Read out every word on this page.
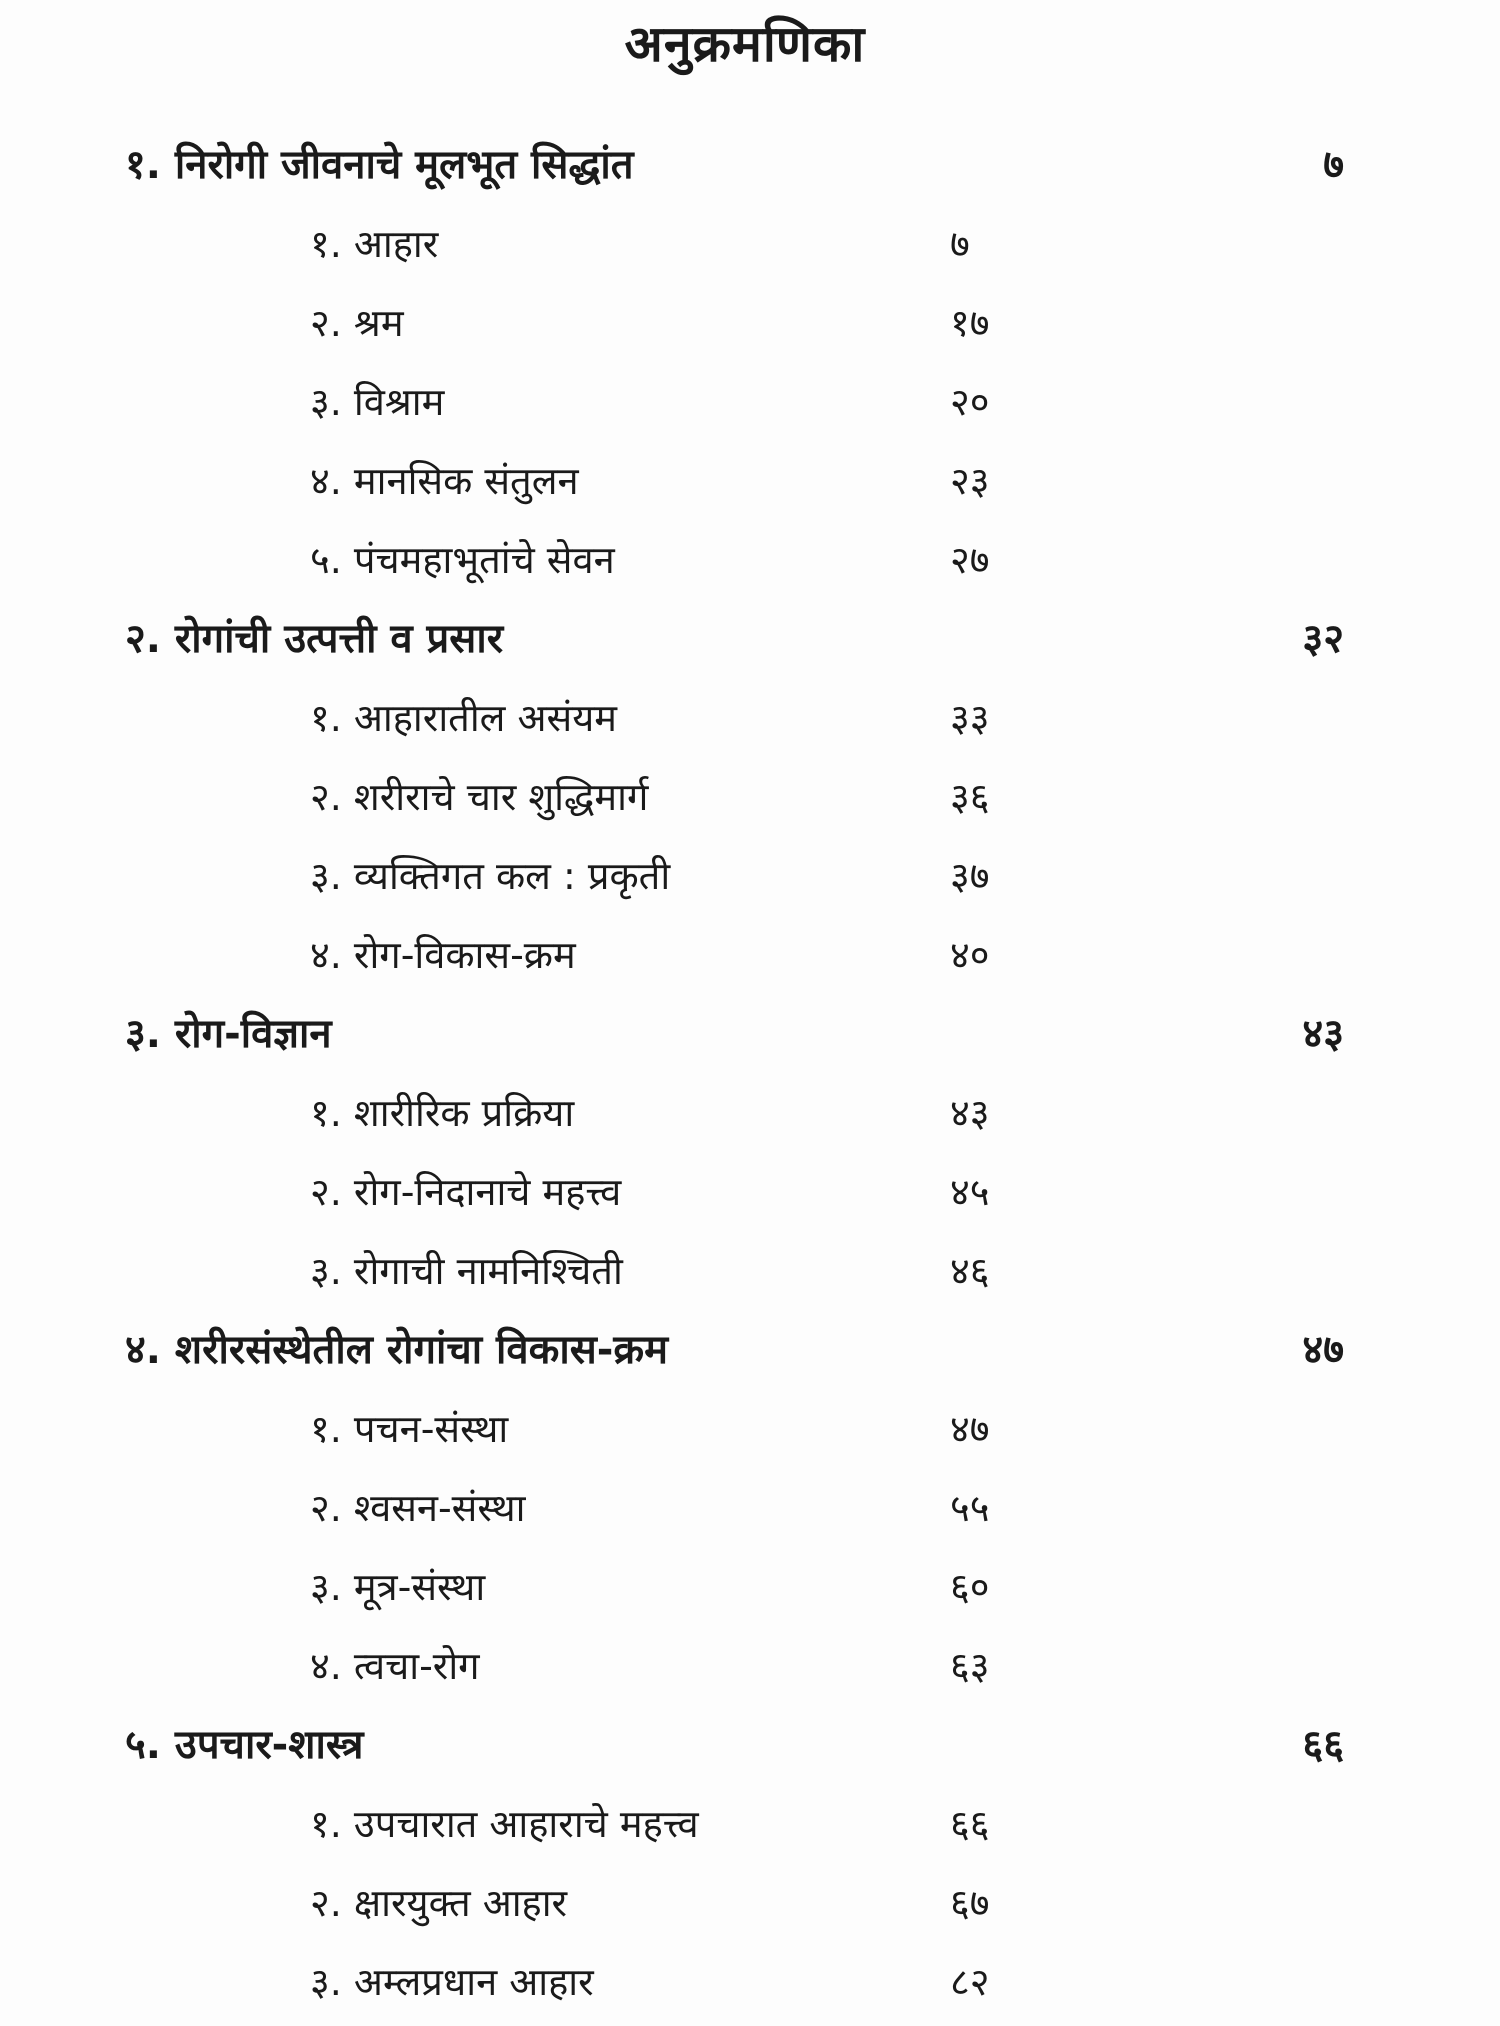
अनुक्रमणिका
१. निरोगी जीवनाचे मूलभूत सिद्धांत	७
१. आहार	७
२. श्रम	१७
३. विश्राम	२०
४. मानसिक संतुलन	२३
५. पंचमहाभूतांचे सेवन	२७
२. रोगांची उत्पत्ती व प्रसार	३२
१. आहारातील असंयम	३३
२. शरीराचे चार शुद्धिमार्ग	३६
३. व्यक्तिगत कल : प्रकृती	३७
४. रोग-विकास-क्रम	४०
३. रोग-विज्ञान	४३
१. शारीरिक प्रक्रिया	४३
२. रोग-निदानाचे महत्त्व	४५
३. रोगाची नामनिश्चिती	४६
४. शरीरसंस्थेतील रोगांचा विकास-क्रम	४७
१. पचन-संस्था	४७
२. श्वसन-संस्था	५५
३. मूत्र-संस्था	६०
४. त्वचा-रोग	६३
५. उपचार-शास्त्र	६६
१. उपचारात आहाराचे महत्त्व	६६
२. क्षारयुक्त आहार	६७
३. अम्लप्रधान आहार	८२
